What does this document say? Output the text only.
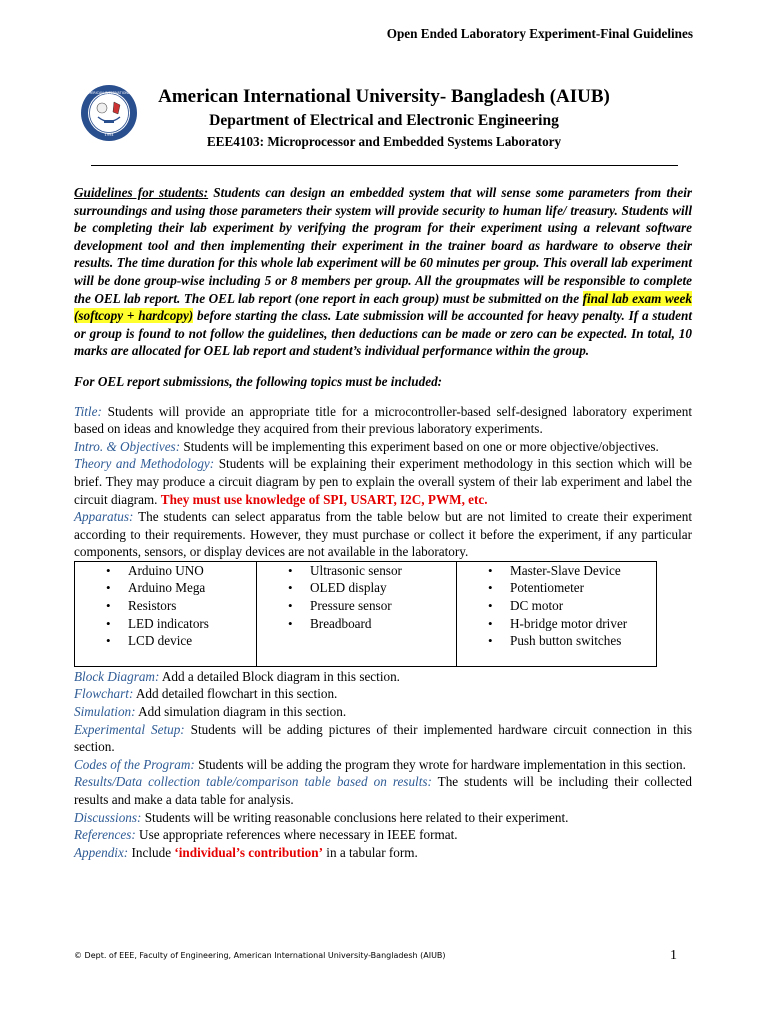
Open Ended Laboratory Experiment-Final Guidelines
AMERICAN INTERNATIONAL
1994
American International University- Bangladesh (AIUB)
Department of Electrical and Electronic Engineering
EEE4103: Microprocessor and Embedded Systems Laboratory

Guidelines for students: Students can design an embedded system that will sense some parameters from their surroundings and using those parameters their system will provide security to human life/ treasury. Students will be completing their lab experiment by verifying the program for their experiment using a relevant software development tool and then implementing their experiment in the trainer board as hardware to observe their results. The time duration for this whole lab experiment will be 60 minutes per group. This overall lab experiment will be done group-wise including 5 or 8 members per group. All the groupmates will be responsible to complete the OEL lab report. The OEL lab report (one report in each group) must be submitted on the final lab exam week (softcopy + hardcopy) before starting the class. Late submission will be accounted for heavy penalty. If a student or group is found to not follow the guidelines, then deductions can be made or zero can be expected. In total, 10 marks are allocated for OEL lab report and student’s individual performance within the group.

For OEL report submissions, the following topics must be included:

Title: Students will provide an appropriate title for a microcontroller-based self-designed laboratory experiment based on ideas and knowledge they acquired from their previous laboratory experiments.

Intro. & Objectives: Students will be implementing this experiment based on one or more objective/objectives.

Theory and Methodology: Students will be explaining their experiment methodology in this section which will be brief. They may produce a circuit diagram by pen to explain the overall system of their lab experiment and label the circuit diagram. They must use knowledge of SPI, USART, I2C, PWM, etc.

Apparatus: The students can select apparatus from the table below but are not limited to create their experiment according to their requirements. However, they must purchase or collect it before the experiment, if any particular components, sensors, or display devices are not available in the laboratory.

• Arduino UNO
• Arduino Mega
• Resistors
• LED indicators
• LCD device

• Ultrasonic sensor
• OLED display
• Pressure sensor
• Breadboard

• Master-Slave Device
• Potentiometer
• DC motor
• H-bridge motor driver
• Push button switches

Block Diagram: Add a detailed Block diagram in this section.

Flowchart: Add detailed flowchart in this section.

Simulation: Add simulation diagram in this section.

Experimental Setup: Students will be adding pictures of their implemented hardware circuit connection in this section.

Codes of the Program: Students will be adding the program they wrote for hardware implementation in this section.

Results/Data collection table/comparison table based on results: The students will be including their collected results and make a data table for analysis.

Discussions: Students will be writing reasonable conclusions here related to their experiment.

References: Use appropriate references where necessary in IEEE format.

Appendix: Include ‘individual’s contribution’ in a tabular form.

© Dept. of EEE, Faculty of Engineering, American International University-Bangladesh (AIUB)	1
